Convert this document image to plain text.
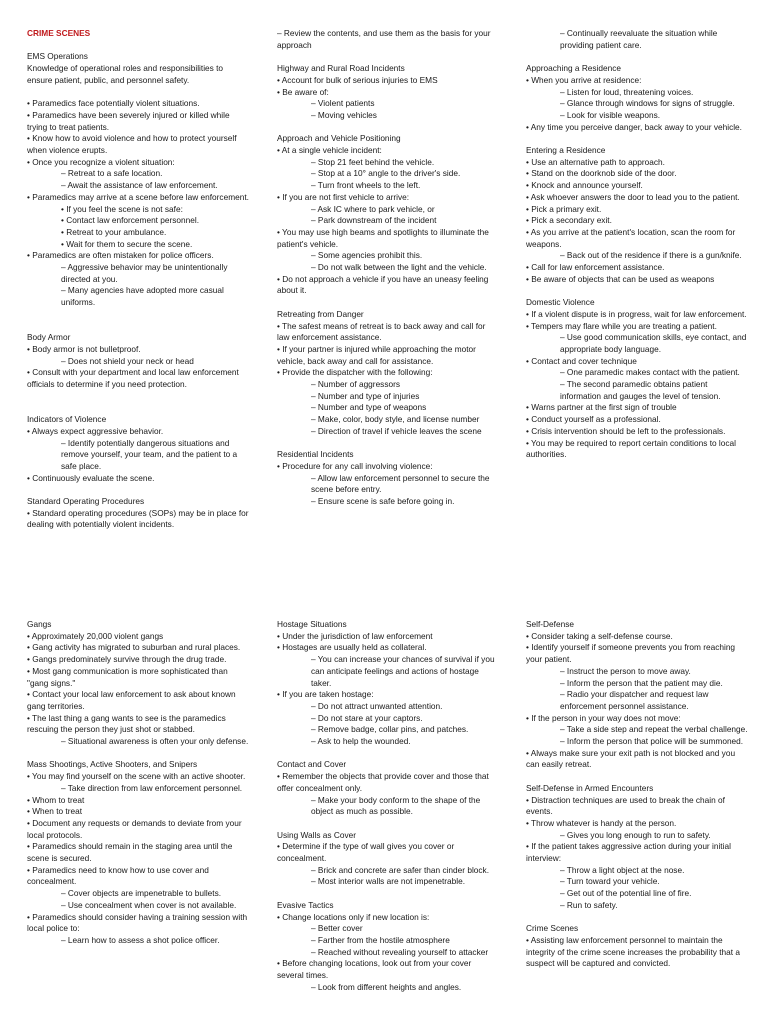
CRIME SCENES
EMS Operations
Knowledge of operational roles and responsibilities to ensure patient, public, and personnel safety.
• Paramedics face potentially violent situations.
• Paramedics have been severely injured or killed while trying to treat patients.
• Know how to avoid violence and how to protect yourself when violence erupts.
• Once you recognize a violent situation:
– Retreat to a safe location.
– Await the assistance of law enforcement.
• Paramedics may arrive at a scene before law enforcement.
• If you feel the scene is not safe:
• Contact law enforcement personnel.
• Retreat to your ambulance.
• Wait for them to secure the scene.
• Paramedics are often mistaken for police officers.
– Aggressive behavior may be unintentionally directed at you.
– Many agencies have adopted more casual uniforms.
Body Armor
• Body armor is not bulletproof.
– Does not shield your neck or head
• Consult with your department and local law enforcement officials to determine if you need protection.
Indicators of Violence
• Always expect aggressive behavior.
– Identify potentially dangerous situations and remove yourself, your team, and the patient to a safe place.
• Continuously evaluate the scene.
Standard Operating Procedures
• Standard operating procedures (SOPs) may be in place for
dealing with potentially violent incidents.
– Review the contents, and use them as the basis for your approach
Highway and Rural Road Incidents
• Account for bulk of serious injuries to EMS
• Be aware of:
– Violent patients
– Moving vehicles
Approach and Vehicle Positioning
• At a single vehicle incident:
– Stop 21 feet behind the vehicle.
– Stop at a 10° angle to the driver's side.
– Turn front wheels to the left.
• If you are not first vehicle to arrive:
– Ask IC where to park vehicle, or
– Park downstream of the incident
• You may use high beams and spotlights to illuminate the patient's vehicle.
– Some agencies prohibit this.
– Do not walk between the light and the vehicle.
• Do not approach a vehicle if you have an uneasy feeling about it.
Retreating from Danger
• The safest means of retreat is to back away and call for law enforcement assistance.
• If your partner is injured while approaching the motor vehicle, back away and call for assistance.
• Provide the dispatcher with the following:
– Number of aggressors
– Number and type of injuries
– Number and type of weapons
– Make, color, body style, and license number
– Direction of travel if vehicle leaves the scene
Residential Incidents
• Procedure for any call involving violence:
– Allow law enforcement personnel to secure the scene before entry.
– Ensure scene is safe before going in.
– Continually reevaluate the situation while providing patient care.
Approaching a Residence
• When you arrive at residence:
– Listen for loud, threatening voices.
– Glance through windows for signs of struggle.
– Look for visible weapons.
• Any time you perceive danger, back away to your vehicle.
Entering a Residence
• Use an alternative path to approach.
• Stand on the doorknob side of the door.
• Knock and announce yourself.
• Ask whoever answers the door to lead you to the patient.
• Pick a primary exit.
• Pick a secondary exit.
• As you arrive at the patient's location, scan the room for weapons.
– Back out of the residence if there is a gun/knife.
• Call for law enforcement assistance.
• Be aware of objects that can be used as weapons
Domestic Violence
• If a violent dispute is in progress, wait for law enforcement.
• Tempers may flare while you are treating a patient.
– Use good communication skills, eye contact, and appropriate body language.
• Contact and cover technique
– One paramedic makes contact with the patient.
– The second paramedic obtains patient information and gauges the level of tension.
• Warns partner at the first sign of trouble
• Conduct yourself as a professional.
• Crisis intervention should be left to the professionals.
• You may be required to report certain conditions to local authorities.
Gangs
• Approximately 20,000 violent gangs
• Gang activity has migrated to suburban and rural places.
• Gangs predominately survive through the drug trade.
• Most gang communication is more sophisticated than "gang signs."
• Contact your local law enforcement to ask about known gang territories.
• The last thing a gang wants to see is the paramedics rescuing the person they just shot or stabbed.
– Situational awareness is often your only defense.
Mass Shootings, Active Shooters, and Snipers
• You may find yourself on the scene with an active shooter.
– Take direction from law enforcement personnel.
• Whom to treat
• When to treat
• Document any requests or demands to deviate from your local protocols.
• Paramedics should remain in the staging area until the scene is secured.
• Paramedics need to know how to use cover and concealment.
– Cover objects are impenetrable to bullets.
– Use concealment when cover is not available.
• Paramedics should consider having a training session with local police to:
– Learn how to assess a shot police officer.
Hostage Situations
• Under the jurisdiction of law enforcement
• Hostages are usually held as collateral.
– You can increase your chances of survival if you can anticipate feelings and actions of hostage taker.
• If you are taken hostage:
– Do not attract unwanted attention.
– Do not stare at your captors.
– Remove badge, collar pins, and patches.
– Ask to help the wounded.
Contact and Cover
• Remember the objects that provide cover and those that offer concealment only.
– Make your body conform to the shape of the object as much as possible.
Using Walls as Cover
• Determine if the type of wall gives you cover or concealment.
– Brick and concrete are safer than cinder block.
– Most interior walls are not impenetrable.
Evasive Tactics
• Change locations only if new location is:
– Better cover
– Farther from the hostile atmosphere
– Reached without revealing yourself to attacker
• Before changing locations, look out from your cover several times.
– Look from different heights and angles.
Self-Defense
• Consider taking a self-defense course.
• Identify yourself if someone prevents you from reaching your patient.
– Instruct the person to move away.
– Inform the person that the patient may die.
– Radio your dispatcher and request law enforcement personnel assistance.
• If the person in your way does not move:
– Take a side step and repeat the verbal challenge.
– Inform the person that police will be summoned.
• Always make sure your exit path is not blocked and you can easily retreat.
Self-Defense in Armed Encounters
• Distraction techniques are used to break the chain of events.
• Throw whatever is handy at the person.
– Gives you long enough to run to safety.
• If the patient takes aggressive action during your initial interview:
– Throw a light object at the nose.
– Turn toward your vehicle.
– Get out of the potential line of fire.
– Run to safety.
Crime Scenes
• Assisting law enforcement personnel to maintain the integrity of the crime scene increases the probability that a suspect will be captured and convicted.
